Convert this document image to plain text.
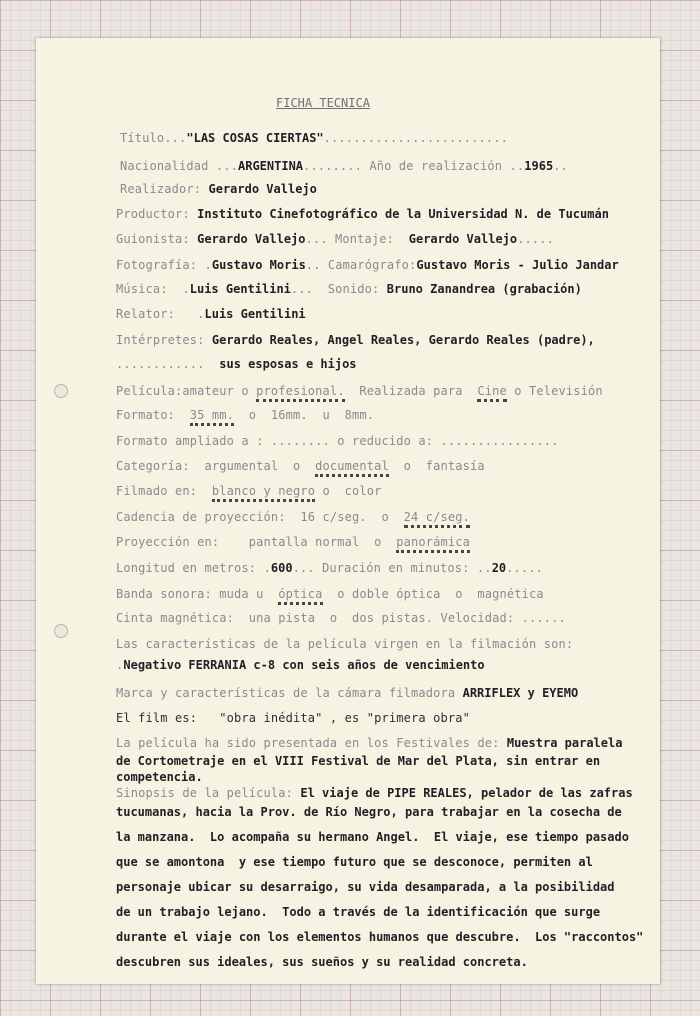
FICHA TECNICA
Título..."LAS COSAS CIERTAS".........................
Nacionalidad ...ARGENTINA........ Año de realización ..1965..
Realizador: Gerardo Vallejo
Productor: Instituto Cinefotográfico de la Universidad N. de Tucumán
Guionista: Gerardo Vallejo... Montaje: Gerardo Vallejo.....
Fotografía: .Gustavo Moris.. Camarógrafo:Gustavo Moris - Julio Jandar
Música:  .Luis Gentilini...  Sonido: Bruno Zanandrea (grabación)
Relator:   .Luis Gentilini
Intérpretes: Gerardo Reales, Angel Reales, Gerardo Reales (padre),
............  sus esposas e hijos
Película:amateur o profesional. Realizada para Cine o Televisión
Formato: 35 mm. o 16mm. u 8mm.
Formato ampliado a : ........ o reducido a: ................
Categoría: argumental o documental o fantasía
Filmado en: blanco y negro o color
Cadencia de proyección: 16 c/seg. o 24 c/seg.
Proyección en: pantalla normal o panorámica
Longitud en metros: .600... Duración en minutos: ..20.....
Banda sonora: muda u óptica o doble óptica o magnética
Cinta magnética: una pista o dos pistas. Velocidad: ......
Las características de la película virgen en la filmación son:
.Negativo FERRANIA c-8 con seis años de vencimiento
Marca y características de la cámara filmadora ARRIFLEX y EYEMO
El film es:   "obra inédita" , es "primera obra"
La película ha sido presentada en los Festivales de: Muestra paralela
de Cortometraje en el VIII Festival de Mar del Plata, sin entrar en
competencia.
Sinopsis de la película: El viaje de PIPE REALES, pelador de las zafras
tucumanas, hacia la Prov. de Río Negro, para trabajar en la cosecha de
la manzana.  Lo acompaña su hermano Angel.  El viaje, ese tiempo pasado
que se amontona  y ese tiempo futuro que se desconoce, permiten al
personaje ubicar su desarraigo, su vida desamparada, a la posibilidad
de un trabajo lejano.  Todo a través de la identificación que surge
durante el viaje con los elementos humanos que descubre.  Los "raccontos"
descubren sus ideales, sus sueños y su realidad concreta.
